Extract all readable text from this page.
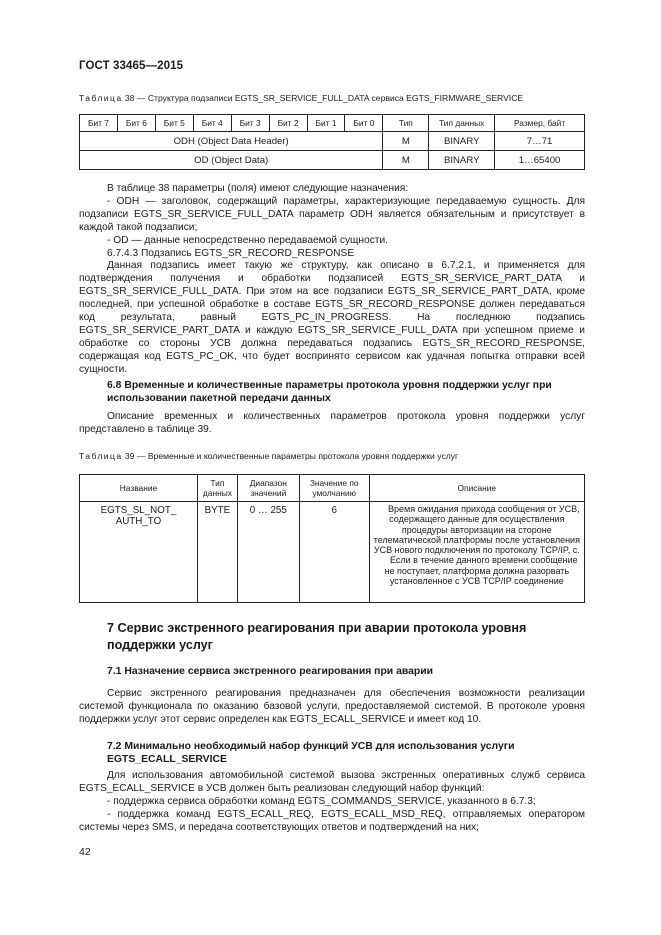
ГОСТ 33465—2015
Таблица 38 — Структура подзаписи EGTS_SR_SERVICE_FULL_DATA сервиса EGTS_FIRMWARE_SERVICE
Бит 7	Бит 6	Бит 5	Бит 4	Бит 3	Бит 2	Бит 1	Бит 0	Тип	Тип данных	Размер, байт
ODH (Object Data Header)								M	BINARY	7…71
OD (Object Data)								M	BINARY	1…65400

В таблице 38 параметры (поля) имеют следующие назначения:

- ODH — заголовок, содержащий параметры, характеризующие передаваемую сущность. Для подзаписи EGTS_SR_SERVICE_FULL_DATA параметр ODH является обязательным и присутствует в каждой такой подзаписи;

- OD — данные непосредственно передаваемой сущности.

6.7.4.3 Подзапись EGTS_SR_RECORD_RESPONSE

Данная подзапись имеет такую же структуру, как описано в 6.7.2.1, и применяется для подтверждения получения и обработки подзаписей EGTS_SR_SERVICE_PART_DATA и EGTS_SR_SERVICE_FULL_DATA. При этом на все подзаписи EGTS_SR_SERVICE_PART_DATA, кроме последней, при успешной обработке в составе EGTS_SR_RECORD_RESPONSE должен передаваться код результата, равный EGTS_PC_IN_PROGRESS. На последнюю подзапись EGTS_SR_SERVICE_PART_DATA и каждую EGTS_SR_SERVICE_FULL_DATA при успешном приеме и обработке со стороны УСВ должна передаваться подзапись EGTS_SR_RECORD_RESPONSE, содержащая код EGTS_PC_OK, что будет воспринято сервисом как удачная попытка отправки всей сущности.

6.8 Временные и количественные параметры протокола уровня поддержки услуг при использовании пакетной передачи данных
Описание временных и количественных параметров протокола уровня поддержки услуг представлено в таблице 39.
Таблица 39 — Временные и количественные параметры протокола уровня поддержки услуг
Название	Тип данных	Диапазон значений	Значение по умолчанию	Описание
EGTS_SL_NOT_ AUTH_TO	BYTE	0 … 255	6	Время ожидания прихода сообщения от УСВ, содержащего данные для осуществления процедуры авторизации на стороне телематической платформы после установления УСВ нового подключения по протоколу TCP/IP, с.

Если в течение данного времени сообщение не поступает, платформа должна разорвать установленное с УСВ TCP/IP соединение

7 Сервис экстренного реагирования при аварии протокола уровня поддержки услуг
7.1 Назначение сервиса экстренного реагирования при аварии
Сервис экстренного реагирования предназначен для обеспечения возможности реализации системой функционала по оказанию базовой услуги, предоставляемой системой. В протоколе уровня поддержки услуг этот сервис определен как EGTS_ECALL_SERVICE и имеет код 10.
7.2 Минимально необходимый набор функций УСВ для использования услуги EGTS_ECALL_SERVICE

Для использования автомобильной системой вызова экстренных оперативных служб сервиса EGTS_ECALL_SERVICE в УСВ должен быть реализован следующий набор функций:

- поддержка сервиса обработки команд EGTS_COMMANDS_SERVICE, указанного в 6.7.3;

- поддержка команд EGTS_ECALL_REQ, EGTS_ECALL_MSD_REQ, отправляемых оператором системы через SMS, и передача соответствующих ответов и подтверждений на них;

42
